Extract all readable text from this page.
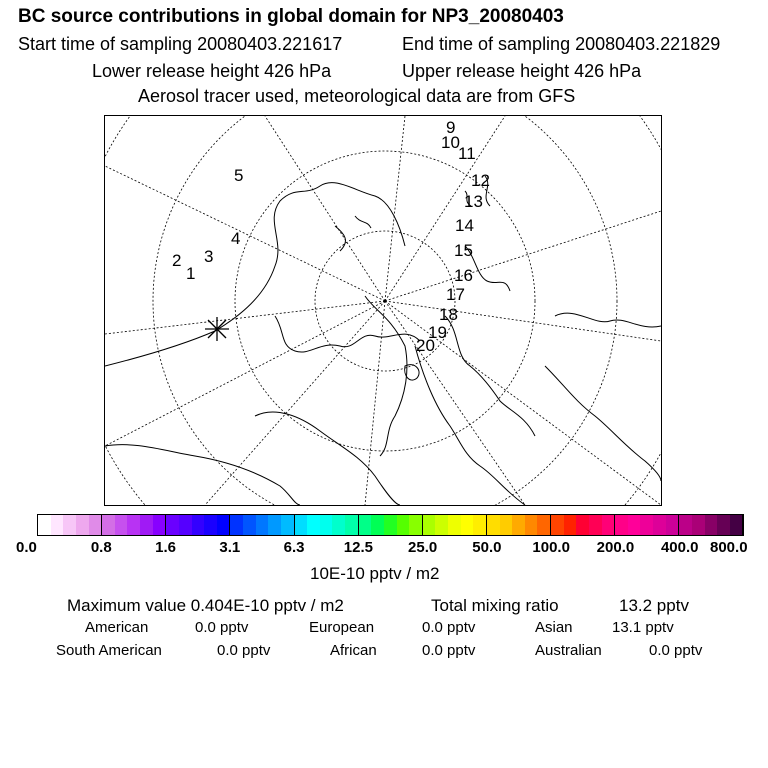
BC source contributions in global domain for NP3_20080403
Start time of sampling 20080403.221617	End time of sampling 20080403.221829
Lower release height 426 hPa	Upper release height 426 hPa
Aerosol tracer used, meteorological data are from GFS
1
2 3
4
5
9
10
11
12
13
14
15
16
17
18
19
20
0.0	0.8	1.6	3.1	6.3	12.5 25.0 50.0 100.0 200.0 400.0 800.0
10E-10 pptv / m2
Maximum value 0.404E-10 pptv / m2	Total mixing ratio	13.2 pptv
American	0.0 pptv	European	0.0 pptv	Asian	13.1 pptv
South American	0.0 pptv	African	0.0 pptv	Australian	0.0 pptv
